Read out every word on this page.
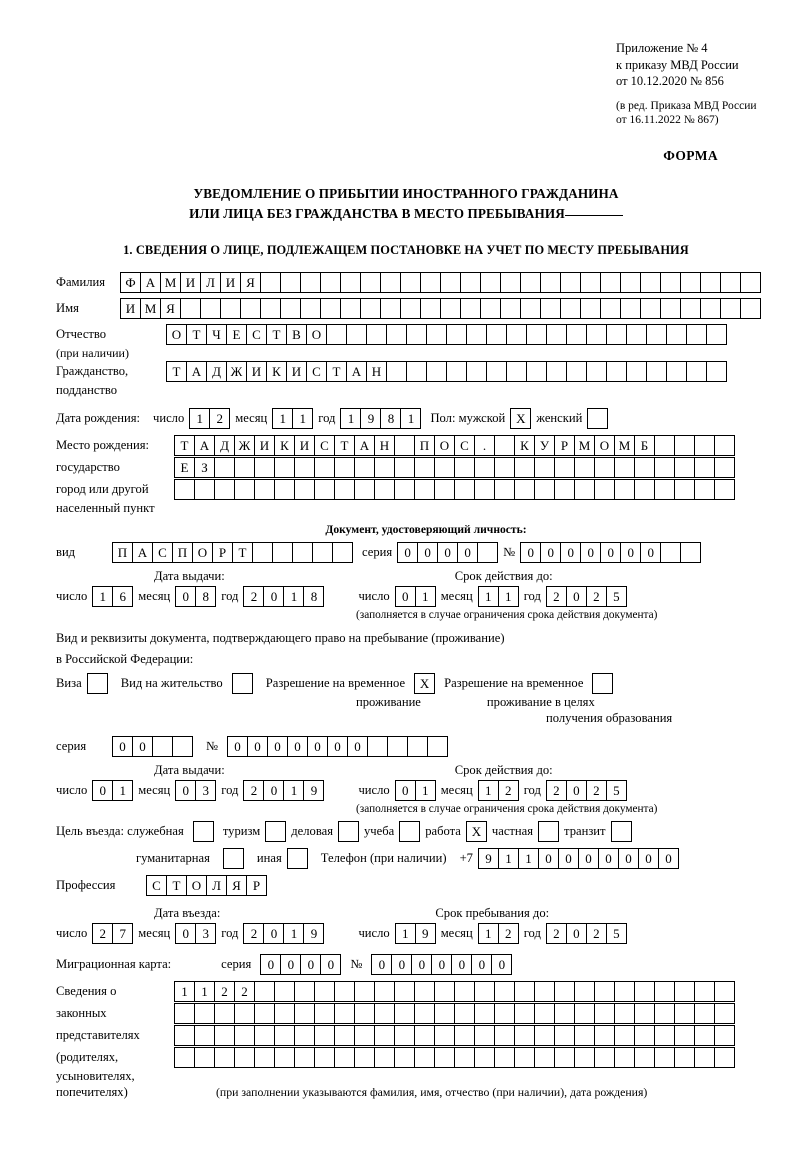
Приложение № 4
к приказу МВД России
от 10.12.2020 № 856
(в ред. Приказа МВД России
от 16.11.2022 № 867)
ФОРМА
УВЕДОМЛЕНИЕ О ПРИБЫТИИ ИНОСТРАННОГО ГРАЖДАНИНА
ИЛИ ЛИЦА БЕЗ ГРАЖДАНСТВА В МЕСТО ПРЕБЫВАНИЯ
1. СВЕДЕНИЯ О ЛИЦЕ, ПОДЛЕЖАЩЕМ ПОСТАНОВКЕ НА УЧЕТ ПО МЕСТУ ПРЕБЫВАНИЯ
Фамилия	Ф А М И Л И Я
Имя	И М Я
Отчество	О Т Ч Е С Т В О
(при наличии)
Гражданство,	Т А Д Ж И К И С Т А Н
подданство
Дата рождения: число 1	2 месяц 1	1 год 1	9	8	1	Пол: мужской Х женский
Место рождения:	Т А Д Ж И К И С Т А Н	П О С	.	К У Р М О М Б
государство	Е З
город или другой
населенный пункт
Документ, удостоверяющий личность:
вид	П А С П О Р Т	серия 0	0	0	0	№ 0	0	0	0	0	0	0
Дата выдачи:	Срок действия до:
число 1	6 месяц 0	8 год 2	0	1	8	число 0	1 месяц 1	1 год 2	0	2	5
(заполняется в случае ограничения срока действия документа)
Вид и реквизиты документа, подтверждающего право на пребывание (проживание)
в Российской Федерации:
Виза	Вид на жительство	Разрешение на временное	Х	Разрешение на временное
проживание	проживание в целях
получения образования
серия	0	0	№	0	0	0	0	0	0	0
Дата выдачи:	Срок действия до:
число 0	1 месяц 0	3 год 2	0	1	9	число 0	1 месяц 1	2 год 2	0	2	5
(заполняется в случае ограничения срока действия документа)
Цель въезда: служебная	туризм деловая учеба работа Х частная транзит
гуманитарная	иная	Телефон (при наличии) +7 9	1	1	0	0	0	0	0	0	0
Профессия	С Т О Л Я Р
Дата въезда:	Срок пребывания до:
число 2	7 месяц 0	3 год 2	0	1	9	число 1	9 месяц 1	2 год 2	0	2	5
Миграционная карта:	серия	0	0	0	0	№	0	0	0	0	0	0	0
Сведения о	1	1	2	2
законных
представителях
(родителях,
усыновителях,
попечителях)	(при заполнении указываются фамилия, имя, отчество (при наличии), дата рождения)
